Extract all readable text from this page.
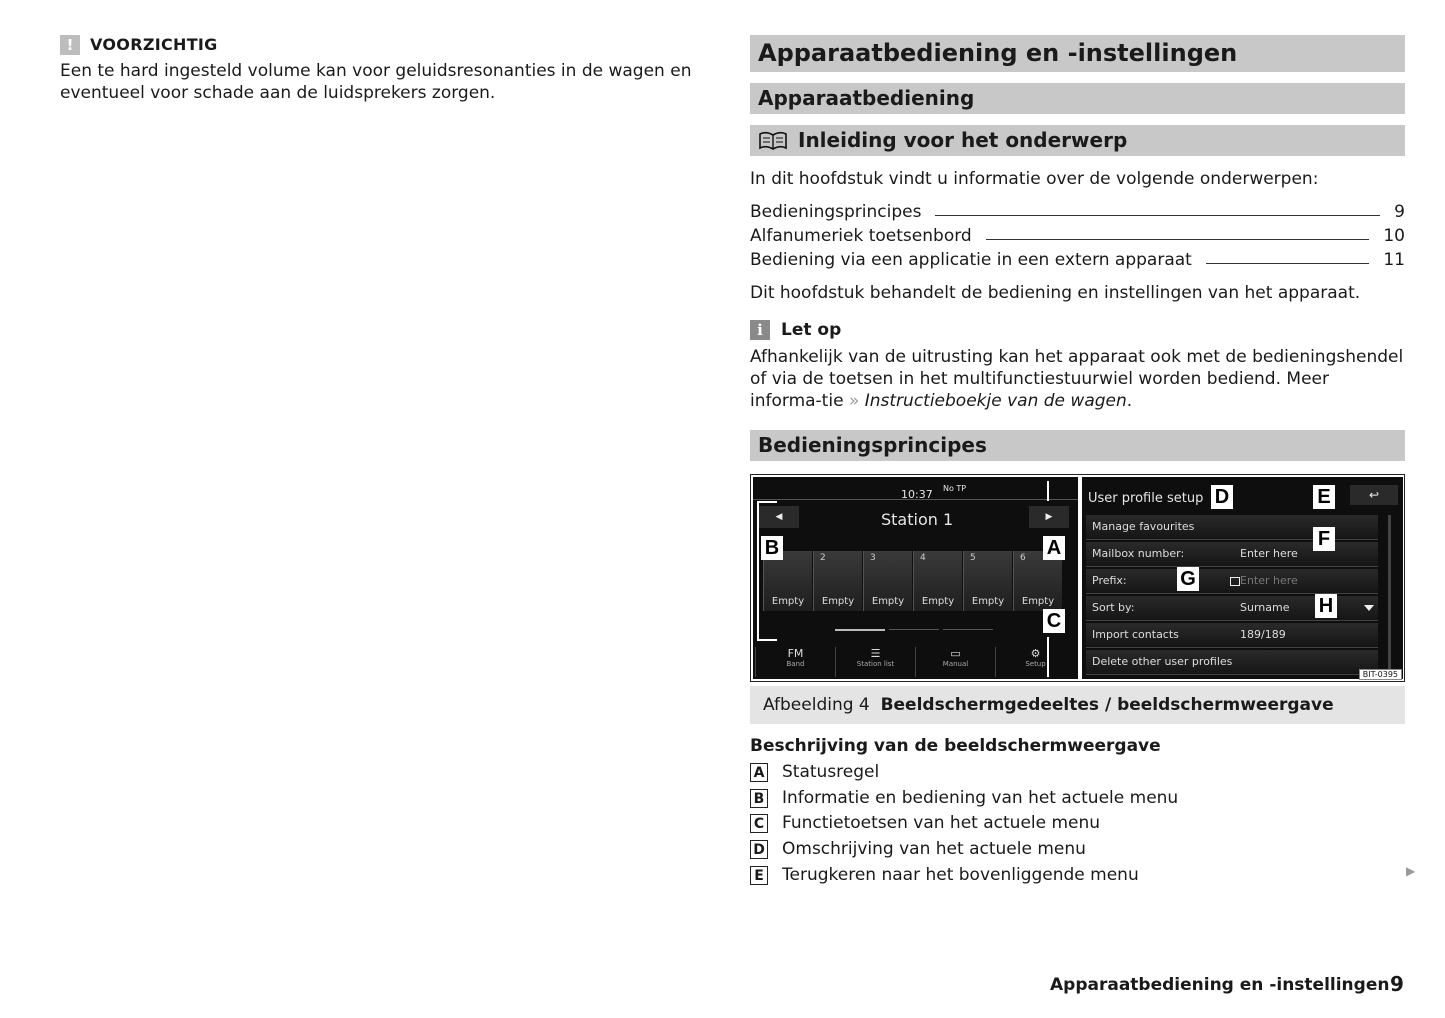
!	VOORZICHTIG
Een te hard ingesteld volume kan voor geluidsresonanties in de wagen en eventueel voor schade aan de luidsprekers zorgen.
Apparaatbediening en -instellingen
Apparaatbediening
Inleiding voor het onderwerp
In dit hoofdstuk vindt u informatie over de volgende onderwerpen:
Bedieningsprincipes	9
Alfanumeriek toetsenbord	10
Bediening via een applicatie in een extern apparaat	11
Dit hoofdstuk behandelt de bediening en instellingen van het apparaat.
i	Let op
Afhankelijk van de uitrusting kan het apparaat ook met de bedieningshendel of via de toetsen in het multifunctiestuurwiel worden bediend. Meer informa-tie » Instructieboekje van de wagen.
Bedieningsprincipes
10:37 No TP
◀	Station 1	▶
Empty
2
Empty
3
Empty
4
Empty
5
Empty
6
Empty
FM
Band
☰
Station list
▭
Manual
⚙
Setup
User profile setup	↩
Manage favourites
Mailbox number:	Enter here
Prefix:	Enter here
Sort by:	Surname
Import contacts	189/189
Delete other user profiles
A
B
C
D	E
F
G
H
BIT-0395
Afbeelding 4 Beeldschermgedeeltes / beeldschermweergave
Beschrijving van de beeldschermweergave
A Statusregel
B Informatie en bediening van het actuele menu
C Functietoetsen van het actuele menu
D Omschrijving van het actuele menu
E Terugkeren naar het bovenliggende menu	▶
Apparaatbediening en -instellingen 9
